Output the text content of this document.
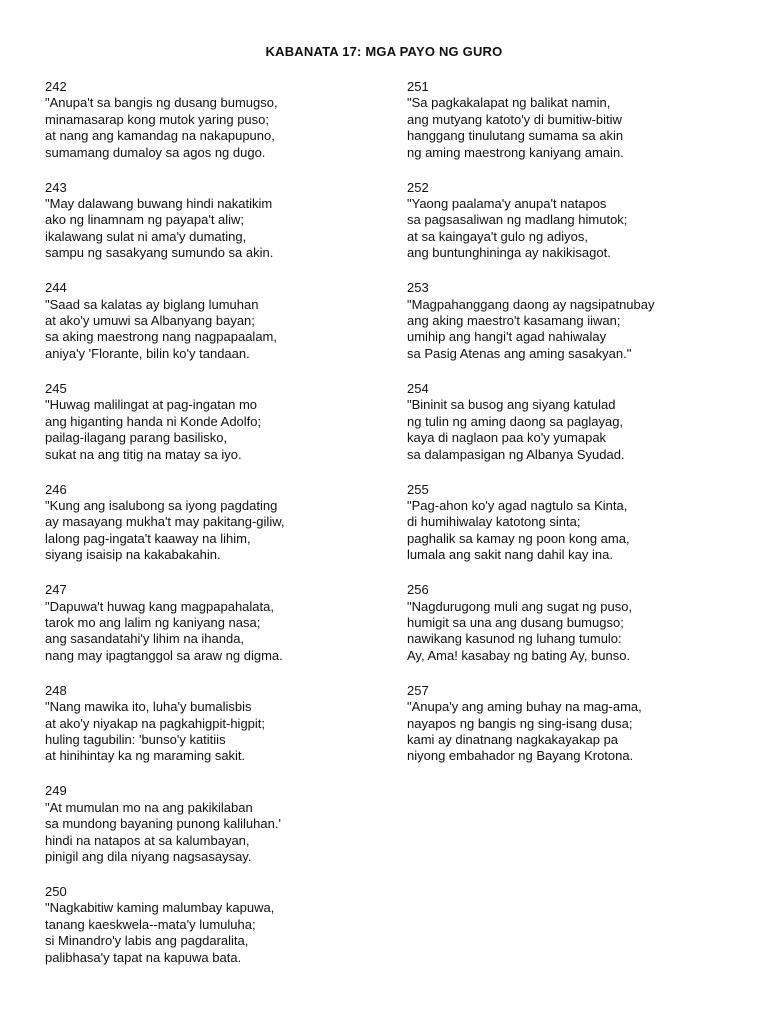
KABANATA 17: MGA PAYO NG GURO
242
"Anupa't sa bangis ng dusang bumugso,
minamasarap kong mutok yaring puso;
at nang ang kamandag na nakapupuno,
sumamang dumaloy sa agos ng dugo.
243
"May dalawang buwang hindi nakatikim
ako ng linamnam ng payapa't aliw;
ikalawang sulat ni ama'y dumating,
sampu ng sasakyang sumundo sa akin.
244
"Saad sa kalatas ay biglang lumuhan
at ako'y umuwi sa Albanyang bayan;
sa aking maestrong nang nagpapaalam,
aniya'y 'Florante, bilin ko'y tandaan.
245
"Huwag malilingat at pag-ingatan mo
ang higanting handa ni Konde Adolfo;
pailag-ilagang parang basilisko,
sukat na ang titig na matay sa iyo.
246
"Kung ang isalubong sa iyong pagdating
ay masayang mukha't may pakitang-giliw,
lalong pag-ingata't kaaway na lihim,
siyang isaisip na kakabakahin.
247
"Dapuwa't huwag kang magpapahalata,
tarok mo ang lalim ng kaniyang nasa;
ang sasandatahi'y lihim na ihanda,
nang may ipagtanggol sa araw ng digma.
248
"Nang mawika ito, luha'y bumalisbis
at ako'y niyakap na pagkahigpit-higpit;
huling tagubilin: 'bunso'y katitiis
at hinihintay ka ng maraming sakit.
249
"At mumulan mo na ang pakikilaban
sa mundong bayaning punong kaliluhan.'
hindi na natapos at sa kalumbayan,
pinigil ang dila niyang nagsasaysay.
250
"Nagkabitiw kaming malumbay kapuwa,
tanang kaeskwela--mata'y lumuluha;
si Minandro'y labis ang pagdaralita,
palibhasa'y tapat na kapuwa bata.
251
"Sa pagkakalapat ng balikat namin,
ang mutyang katoto'y di bumitiw-bitiw
hanggang tinulutang sumama sa akin
ng aming maestrong kaniyang amain.
252
"Yaong paalama'y anupa't natapos
sa pagsasaliwan ng madlang himutok;
at sa kaingaya't gulo ng adiyos,
ang buntunghininga ay nakikisagot.
253
"Magpahanggang daong ay nagsipatnubay
ang aking maestro't kasamang iiwan;
umihip ang hangi't agad nahiwalay
sa Pasig Atenas ang aming sasakyan."
254
"Bininit sa busog ang siyang katulad
ng tulin ng aming daong sa paglayag,
kaya di naglaon paa ko'y yumapak
sa dalampasigan ng Albanya Syudad.
255
"Pag-ahon ko'y agad nagtulo sa Kinta,
di humihiwalay katotong sinta;
paghalik sa kamay ng poon kong ama,
lumala ang sakit nang dahil kay ina.
256
"Nagdurugong muli ang sugat ng puso,
humigit sa una ang dusang bumugso;
nawikang kasunod ng luhang tumulo:
Ay, Ama! kasabay ng bating Ay, bunso.
257
"Anupa'y ang aming buhay na mag-ama,
nayapos ng bangis ng sing-isang dusa;
kami ay dinatnang nagkakayakap pa
niyong embahador ng Bayang Krotona.
